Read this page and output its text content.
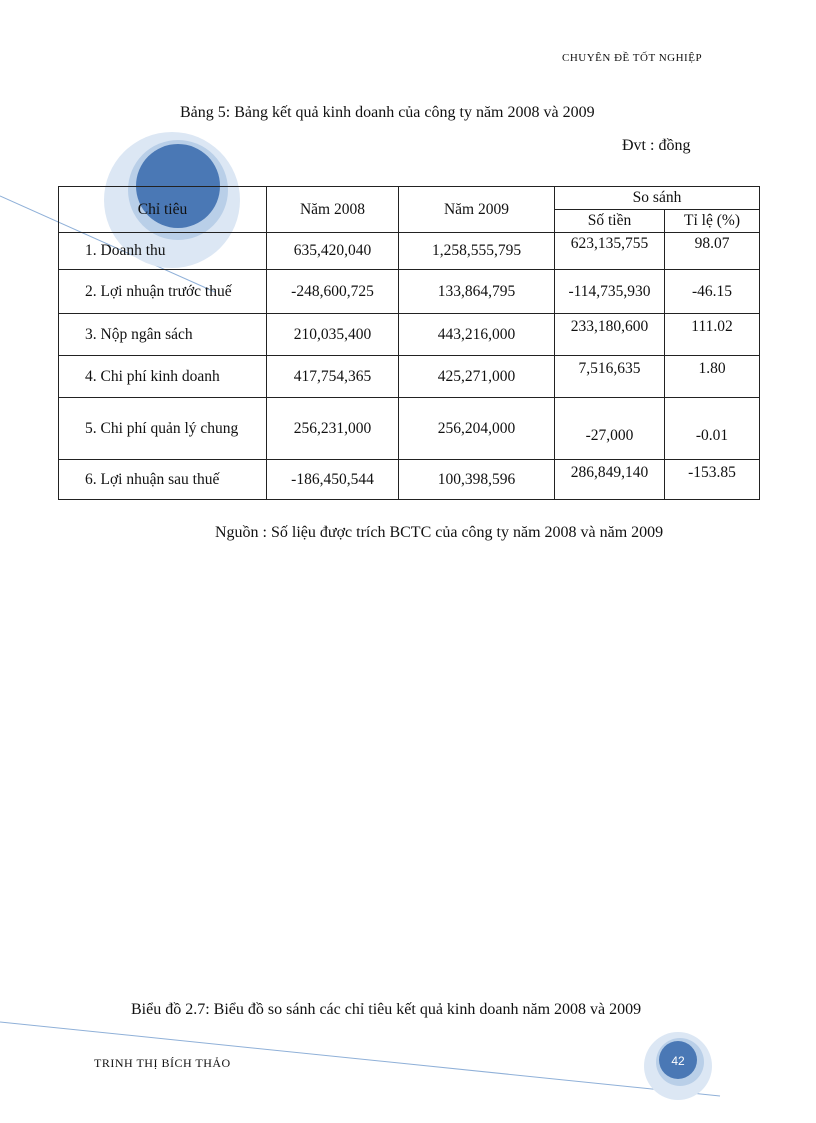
CHUYÊN ĐỀ TỐT NGHIỆP
Bảng 5: Bảng kết quả kinh doanh của công ty năm 2008 và 2009
Đvt : đồng
Chỉ tiêu	Năm 2008	Năm 2009	So sánh	
			Số tiền	Tỉ lệ (%)
1. Doanh thu	635,420,040	1,258,555,795	623,135,755	98.07
2. Lợi nhuận trước thuế	-248,600,725	133,864,795	-114,735,930	-46.15
3. Nộp ngân sách	210,035,400	443,216,000	233,180,600	111.02
4. Chi phí kinh doanh	417,754,365	425,271,000	7,516,635	1.80
5. Chi phí quản lý chung	256,231,000	256,204,000	-27,000	-0.01
6. Lợi nhuận sau thuế	-186,450,544	100,398,596	286,849,140	-153.85
Nguồn : Số liệu được trích BCTC của công ty năm 2008 và năm 2009
Biểu đồ 2.7: Biểu đồ so sánh các chỉ tiêu kết quả kinh doanh năm 2008 và 2009
TRINH THỊ BÍCH THẢO	42
